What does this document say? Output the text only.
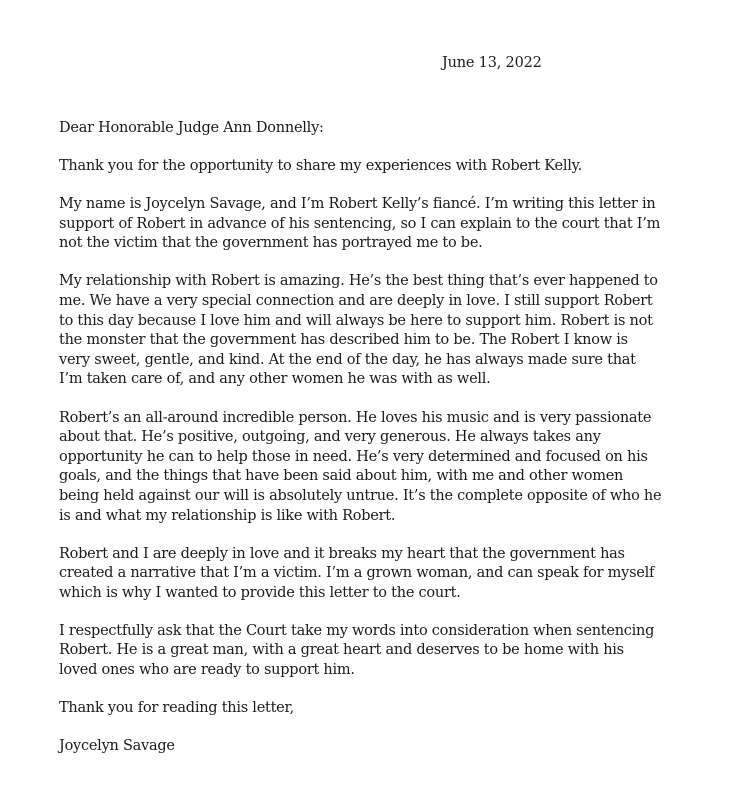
June 13, 2022

Dear Honorable Judge Ann Donnelly:

Thank you for the opportunity to share my experiences with Robert Kelly.

My name is Joycelyn Savage, and I’m Robert Kelly’s fiancé. I’m writing this letter in
support of Robert in advance of his sentencing, so I can explain to the court that I’m
not the victim that the government has portrayed me to be.

My relationship with Robert is amazing. He’s the best thing that’s ever happened to
me. We have a very special connection and are deeply in love. I still support Robert
to this day because I love him and will always be here to support him. Robert is not
the monster that the government has described him to be. The Robert I know is
very sweet, gentle, and kind. At the end of the day, he has always made sure that
I’m taken care of, and any other women he was with as well.

Robert’s an all-around incredible person. He loves his music and is very passionate
about that. He’s positive, outgoing, and very generous. He always takes any
opportunity he can to help those in need. He’s very determined and focused on his
goals, and the things that have been said about him, with me and other women
being held against our will is absolutely untrue. It’s the complete opposite of who he
is and what my relationship is like with Robert.

Robert and I are deeply in love and it breaks my heart that the government has
created a narrative that I’m a victim. I’m a grown woman, and can speak for myself
which is why I wanted to provide this letter to the court.

I respectfully ask that the Court take my words into consideration when sentencing
Robert. He is a great man, with a great heart and deserves to be home with his
loved ones who are ready to support him.

Thank you for reading this letter,

Joycelyn Savage
